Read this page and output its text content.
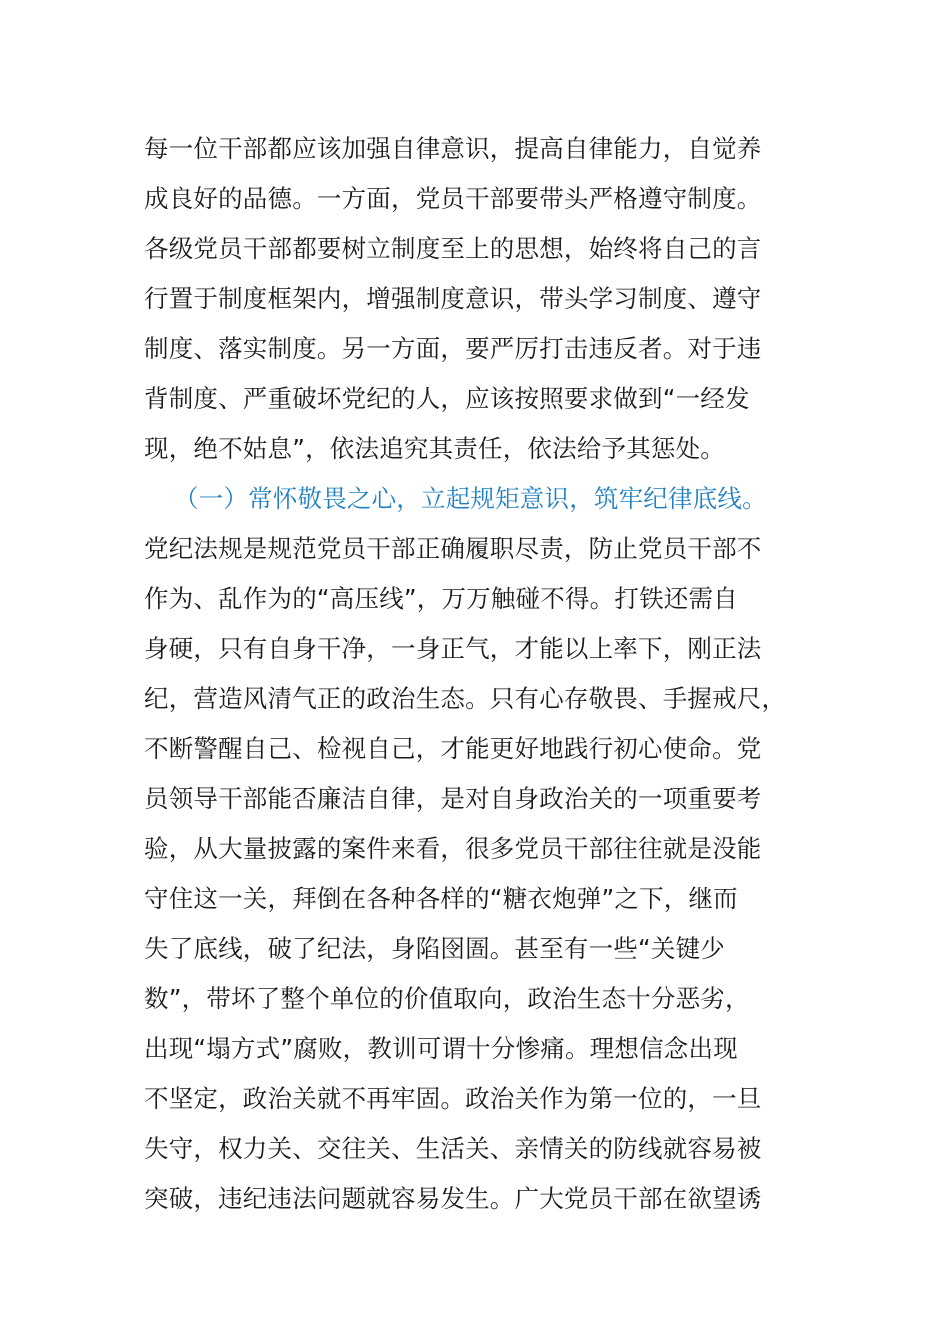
每一位干部都应该加强自律意识，提高自律能力，自觉养
成良好的品德。一方面，党员干部要带头严格遵守制度。
各级党员干部都要树立制度至上的思想，始终将自己的言
行置于制度框架内，增强制度意识，带头学习制度、遵守
制度、落实制度。另一方面，要严厉打击违反者。对于违
背制度、严重破坏党纪的人，应该按照要求做到“一经发
现，绝不姑息”，依法追究其责任，依法给予其惩处。
（一）常怀敬畏之心，立起规矩意识，筑牢纪律底线。
党纪法规是规范党员干部正确履职尽责，防止党员干部不
作为、乱作为的“高压线”，万万触碰不得。打铁还需自
身硬，只有自身干净，一身正气，才能以上率下，刚正法
纪，营造风清气正的政治生态。只有心存敬畏、手握戒尺，
不断警醒自己、检视自己，才能更好地践行初心使命。党
员领导干部能否廉洁自律，是对自身政治关的一项重要考
验，从大量披露的案件来看，很多党员干部往往就是没能
守住这一关，拜倒在各种各样的“糖衣炮弹”之下，继而
失了底线，破了纪法，身陷囹圄。甚至有一些“关键少
数”，带坏了整个单位的价值取向，政治生态十分恶劣，
出现“塌方式”腐败，教训可谓十分惨痛。理想信念出现
不坚定，政治关就不再牢固。政治关作为第一位的，一旦
失守，权力关、交往关、生活关、亲情关的防线就容易被
突破，违纪违法问题就容易发生。广大党员干部在欲望诱
